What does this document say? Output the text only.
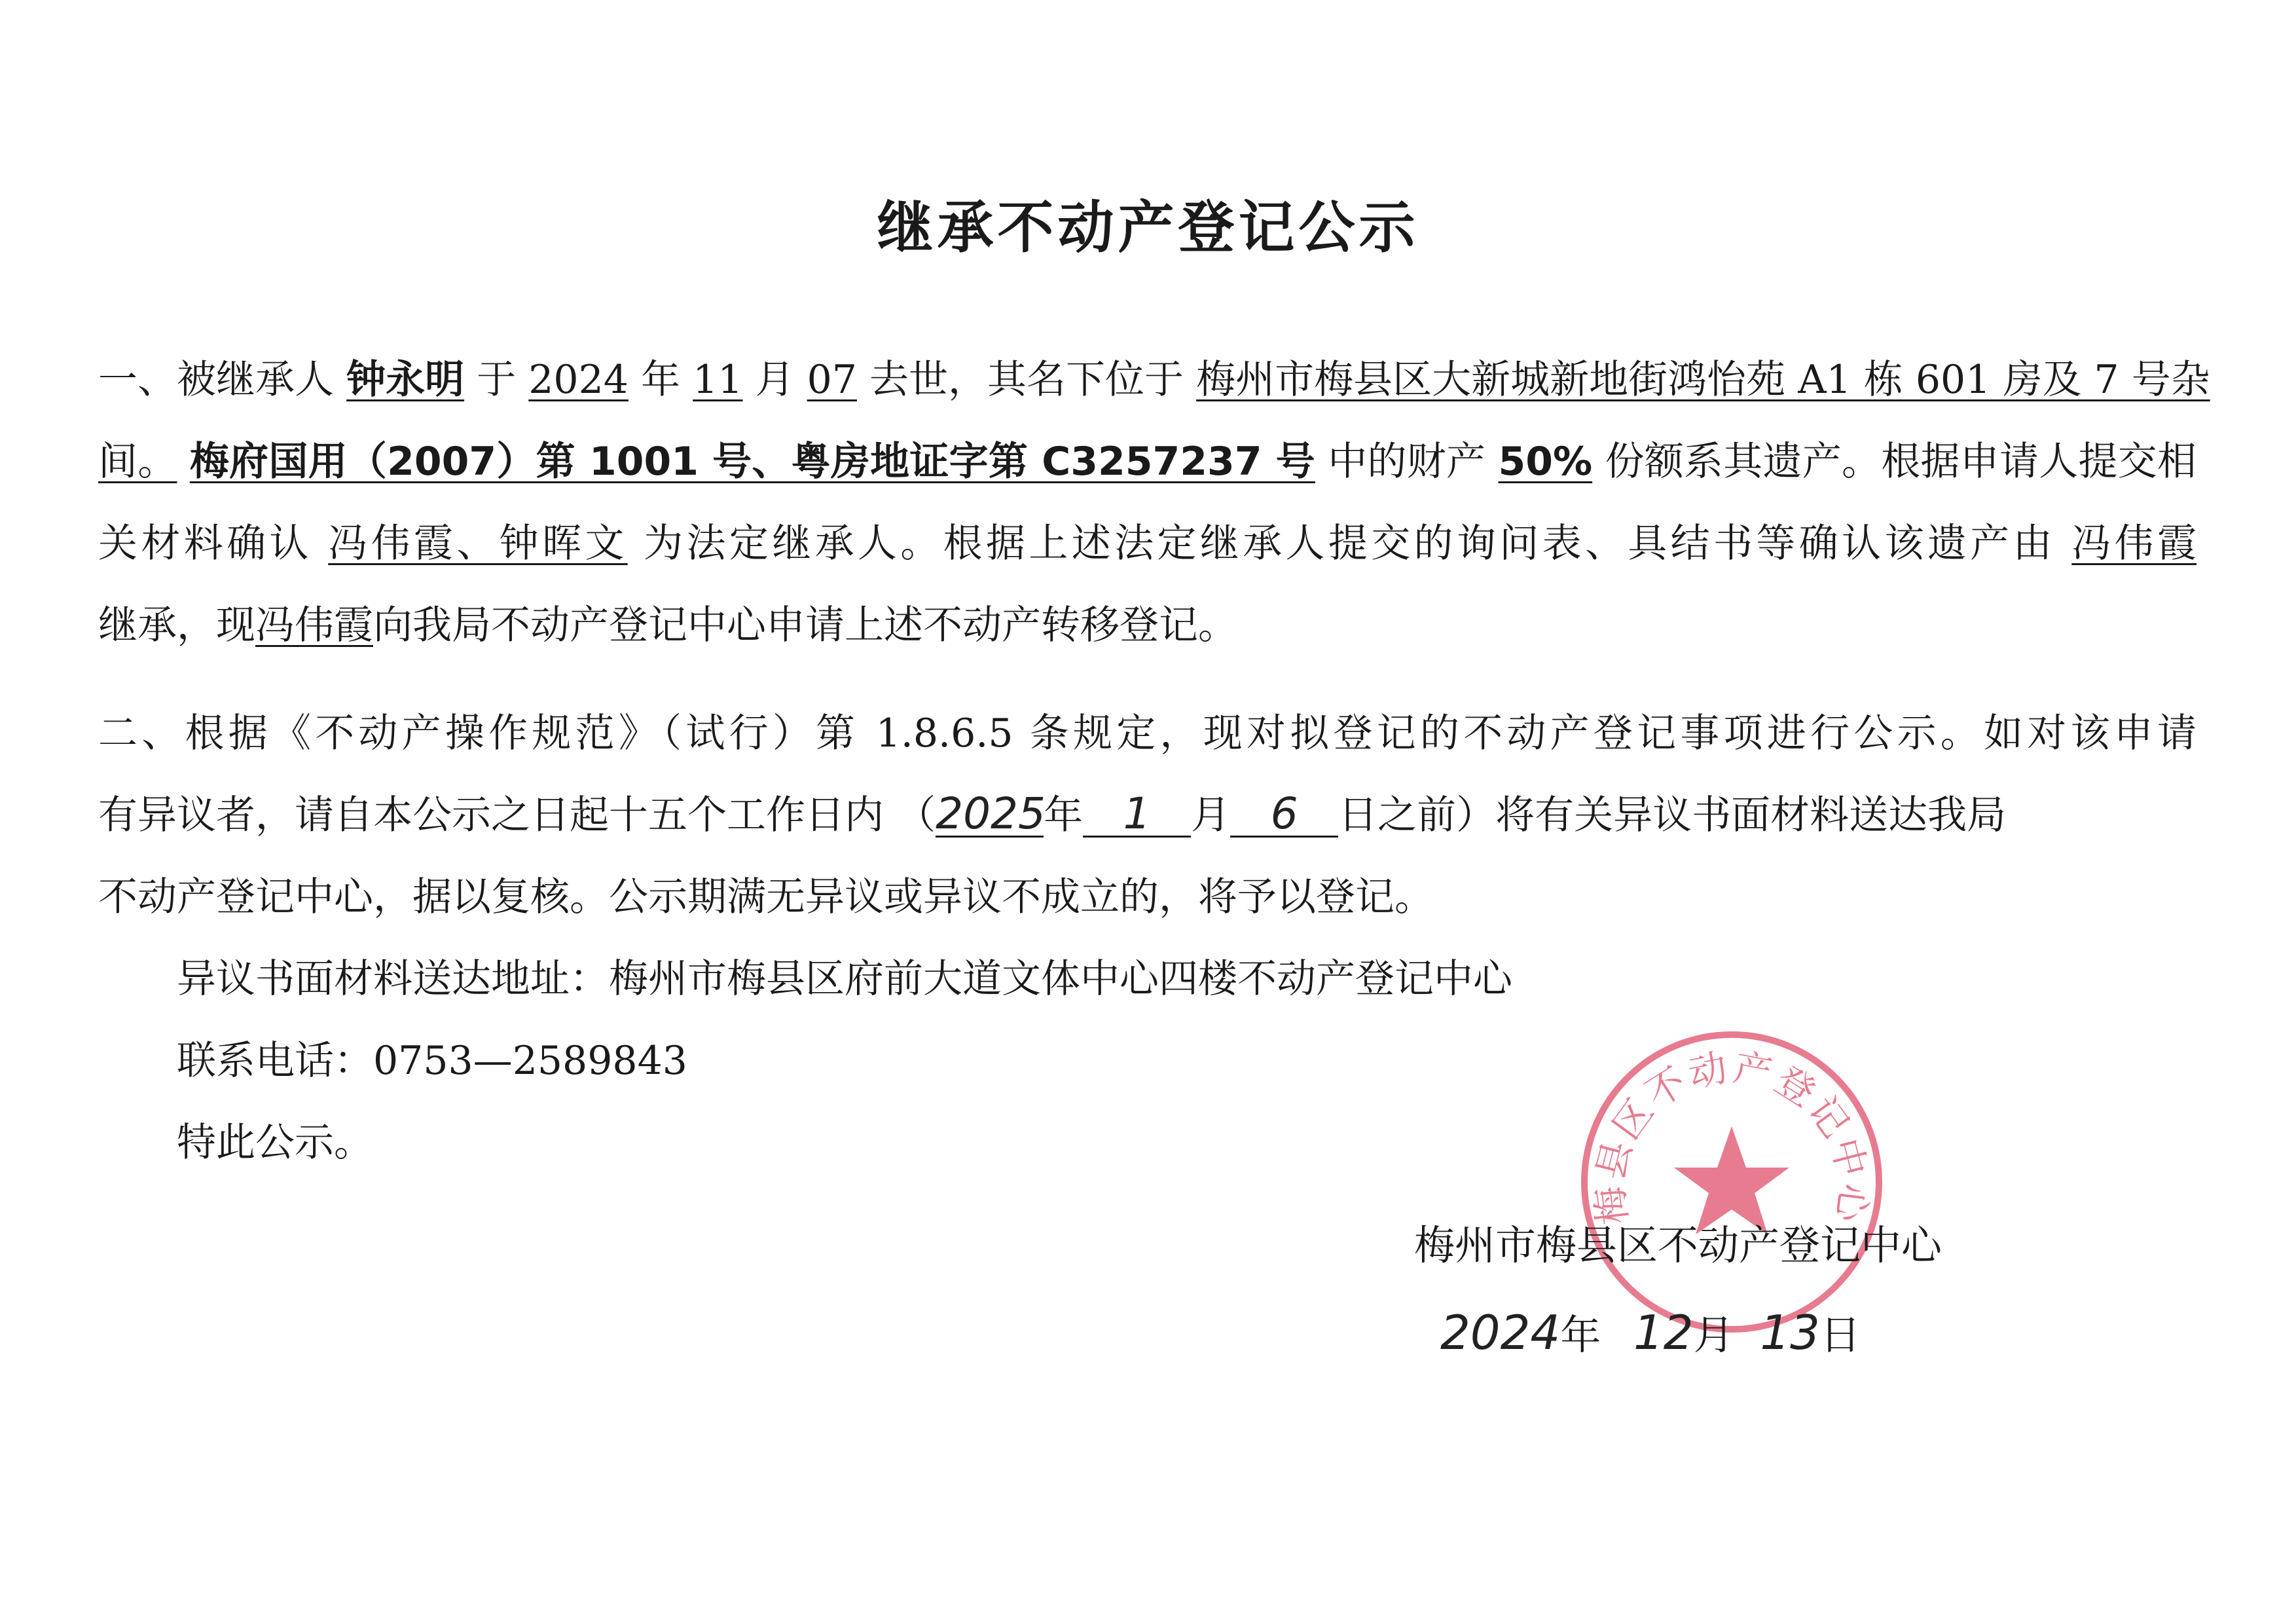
继承不动产登记公示
一、被继承人 钟永明 于 2024 年 11 月 07 去世，其名下位于 梅州市梅县区大新城新地街鸿怡苑 A1 栋 601 房及 7 号杂
间。 梅府国用（2007）第 1001 号、粤房地证字第 C3257237 号 中的财产 50% 份额系其遗产。根据申请人提交相
关材料确认 冯伟霞、钟晖文 为法定继承人。根据上述法定继承人提交的询问表、具结书等确认该遗产由 冯伟霞
继承，现冯伟霞向我局不动产登记中心申请上述不动产转移登记。
二、根据《不动产操作规范》（试行）第 1.8.6.5 条规定，现对拟登记的不动产登记事项进行公示。如对该申请
有异议者，请自本公示之日起十五个工作日内 （2025年 1 月 6 日之前）将有关异议书面材料送达我局
不动产登记中心，据以复核。公示期满无异议或异议不成立的，将予以登记。
异议书面材料送达地址：梅州市梅县区府前大道文体中心四楼不动产登记中心
联系电话：0753—2589843
特此公示。
梅县区不动产登记中心
梅州市梅县区不动产登记中心
2024年 12月 13日
